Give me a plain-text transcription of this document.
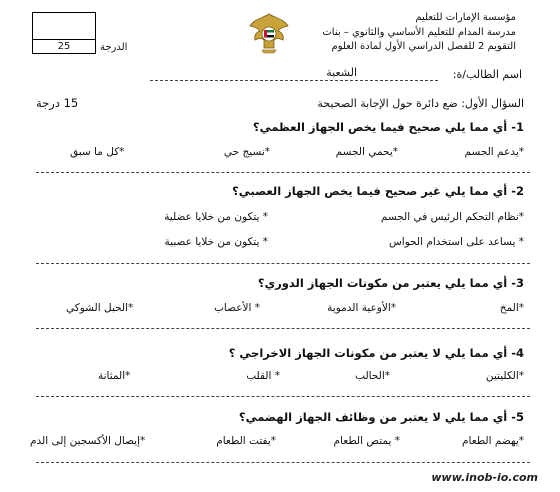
25	الدرجة
مؤسسة الإمارات للتعليم
مدرسة المدام للتعليم الأساسي والثانوي – بنات
التقويم 2 للفصل الدراسي الأول لمادة العلوم
اسم الطالب/ة:
الشعبة
السؤال الأول: ضع دائرة حول الإجابة الصحيحة
15 درجة
1- أي مما يلي صحيح فيما يخص الجهاز العظمي؟
*يدعم الجسم
*يحمي الجسم
*نسيج حي
*كل ما سبق
2- أي مما يلي غير صحيح فيما يخص الجهاز العصبي؟
*نظام التحكم الرئيس في الجسم
* يتكون من خلايا عضلية
* يساعد على استخدام الحواس
* يتكون من خلايا عصبية
3- أي مما يلي يعتبر من مكونات الجهاز الدوري؟
*المخ
*الأوعية الدموية
* الأعصاب
*الحبل الشوكي
4- أي مما يلي لا يعتبر من مكونات الجهاز الاخراجي ؟
*الكليتين
*الحالب
* القلب
*المثانة
5- أي مما يلي لا يعتبر من وظائف الجهاز الهضمي؟
*يهضم الطعام
* يمتص الطعام
*يفتت الطعام
*إيصال الأكسجين إلى الدم
www.inob-io.com
